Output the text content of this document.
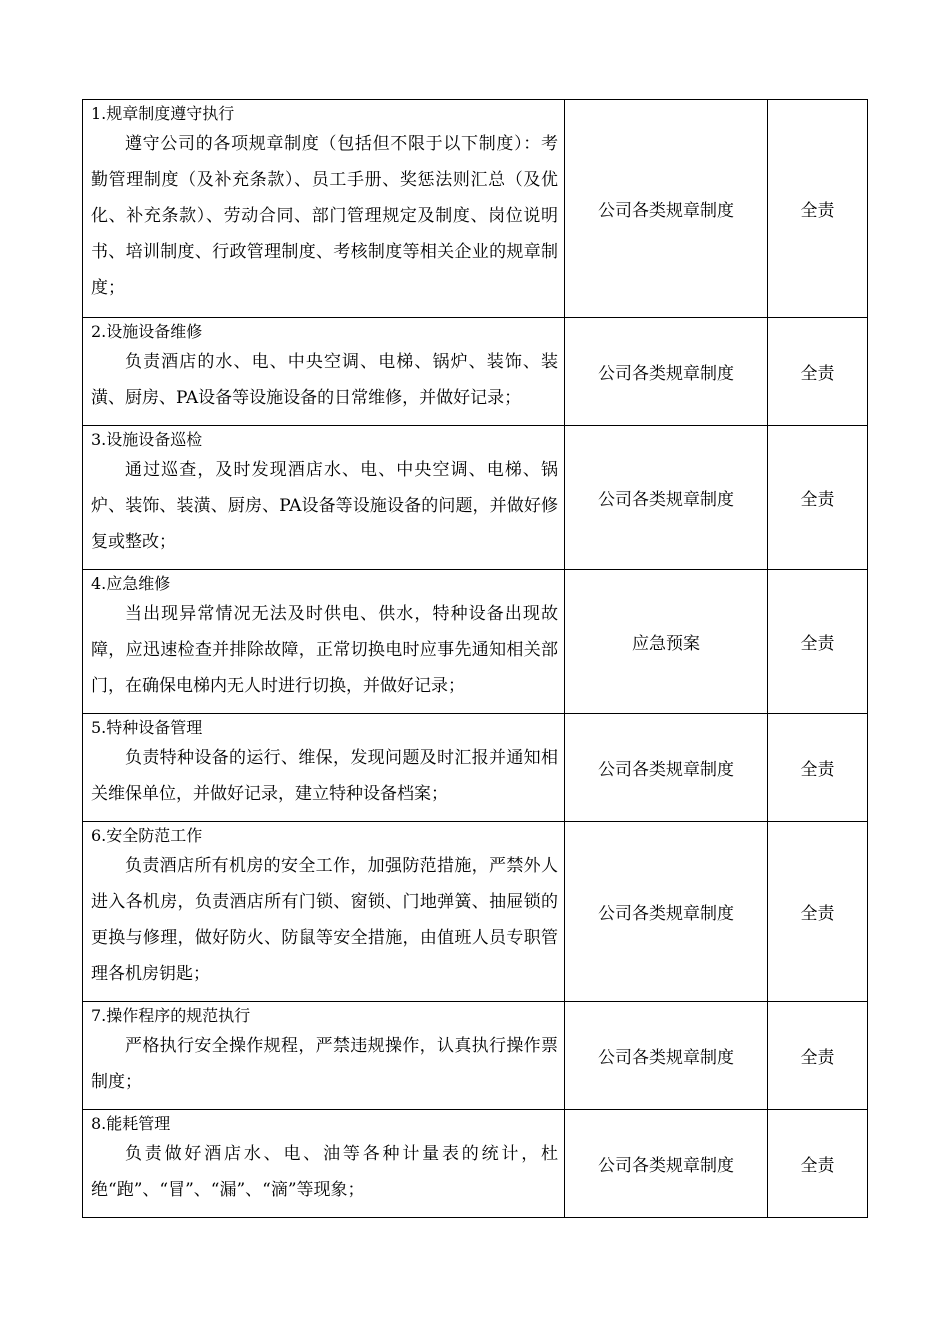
1.规章制度遵守执行
遵守公司的各项规章制度（包括但不限于以下制度）：考勤管理制度（及补充条款）、员工手册、奖惩法则汇总（及优化、补充条款）、劳动合同、部门管理规定及制度、岗位说明书、培训制度、行政管理制度、考核制度等相关企业的规章制度；	公司各类规章制度	全责

2.设施设备维修
负责酒店的水、电、中央空调、电梯、锅炉、装饰、装潢、厨房、PA设备等设施设备的日常维修，并做好记录；	公司各类规章制度	全责

3.设施设备巡检
通过巡查，及时发现酒店水、电、中央空调、电梯、锅炉、装饰、装潢、厨房、PA设备等设施设备的问题，并做好修复或整改；	公司各类规章制度	全责

4.应急维修
当出现异常情况无法及时供电、供水，特种设备出现故障，应迅速检查并排除故障，正常切换电时应事先通知相关部门，在确保电梯内无人时进行切换，并做好记录；	应急预案	全责

5.特种设备管理
负责特种设备的运行、维保，发现问题及时汇报并通知相关维保单位，并做好记录，建立特种设备档案；	公司各类规章制度	全责

6.安全防范工作
负责酒店所有机房的安全工作，加强防范措施，严禁外人进入各机房，负责酒店所有门锁、窗锁、门地弹簧、抽屉锁的更换与修理，做好防火、防鼠等安全措施，由值班人员专职管理各机房钥匙；	公司各类规章制度	全责

7.操作程序的规范执行
严格执行安全操作规程，严禁违规操作，认真执行操作票制度；	公司各类规章制度	全责

8.能耗管理
负责做好酒店水、电、油等各种计量表的统计，杜绝“跑”、“冒”、“漏”、“滴”等现象；	公司各类规章制度	全责
